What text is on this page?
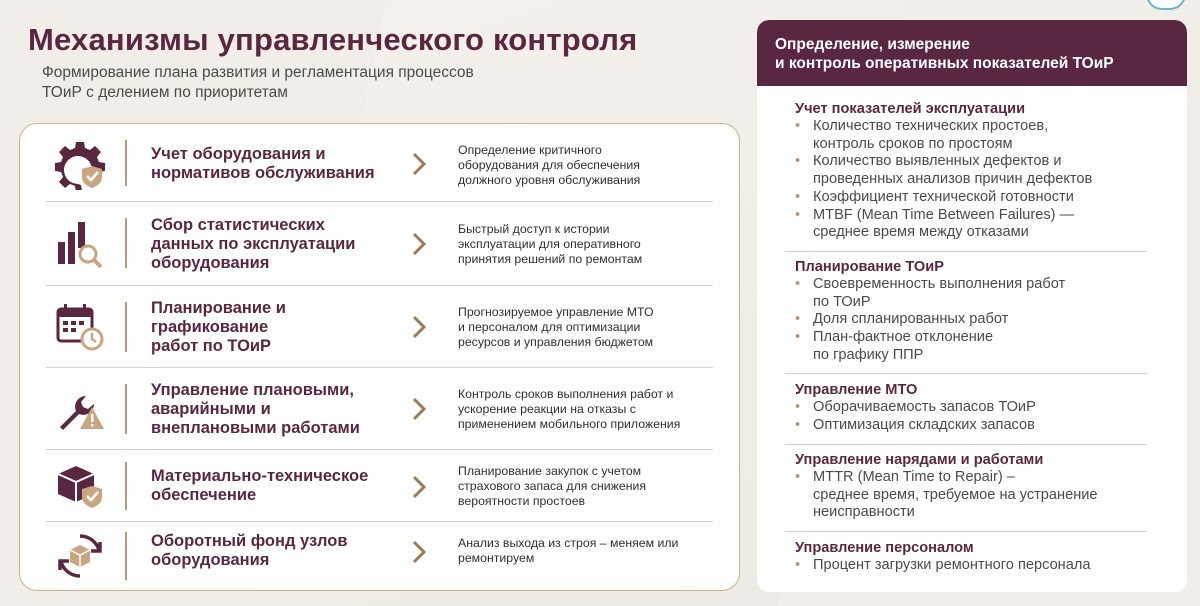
Механизмы управленческого контроля
Формирование плана развития и регламентация процессов ТОиР с делением по приоритетам
Учет оборудования и
нормативов обслуживания
Определение критичного
оборудования для обеспечения
должного уровня обслуживания
Сбор статистических
данных по эксплуатации
оборудования
Быстрый доступ к истории
эксплуатации для оперативного
принятия решений по ремонтам
Планирование и
графикование
работ по ТОиР
Прогнозируемое управление МТО
и персоналом для оптимизации
ресурсов и управления бюджетом
Управление плановыми,
аварийными и
внеплановыми работами
Контроль сроков выполнения работ и
ускорение реакции на отказы с
применением мобильного приложения
Материально-техническое
обеспечение
Планирование закупок с учетом
страхового запаса для снижения
вероятности простоев
Оборотный фонд узлов
оборудования
Анализ выхода из строя – меняем или
ремонтируем
Определение, измерение
и контроль оперативных показателей ТОиР
Учет показателей эксплуатации
• Количество технических простоев,
контроль сроков по простоям
• Количество выявленных дефектов и
проведенных анализов причин дефектов
• Коэффициент технической готовности
• MTBF (Mean Time Between Failures) —
среднее время между отказами
Планирование ТОиР
• Своевременность выполнения работ
по ТОиР
• Доля спланированных работ
• План-фактное отклонение
по графику ППР
Управление МТО
• Оборачиваемость запасов ТОиР
• Оптимизация складских запасов
Управление нарядами и работами
• MTTR (Mean Time to Repair) –
среднее время, требуемое на устранение
неисправности
Управление персоналом
• Процент загрузки ремонтного персонала
